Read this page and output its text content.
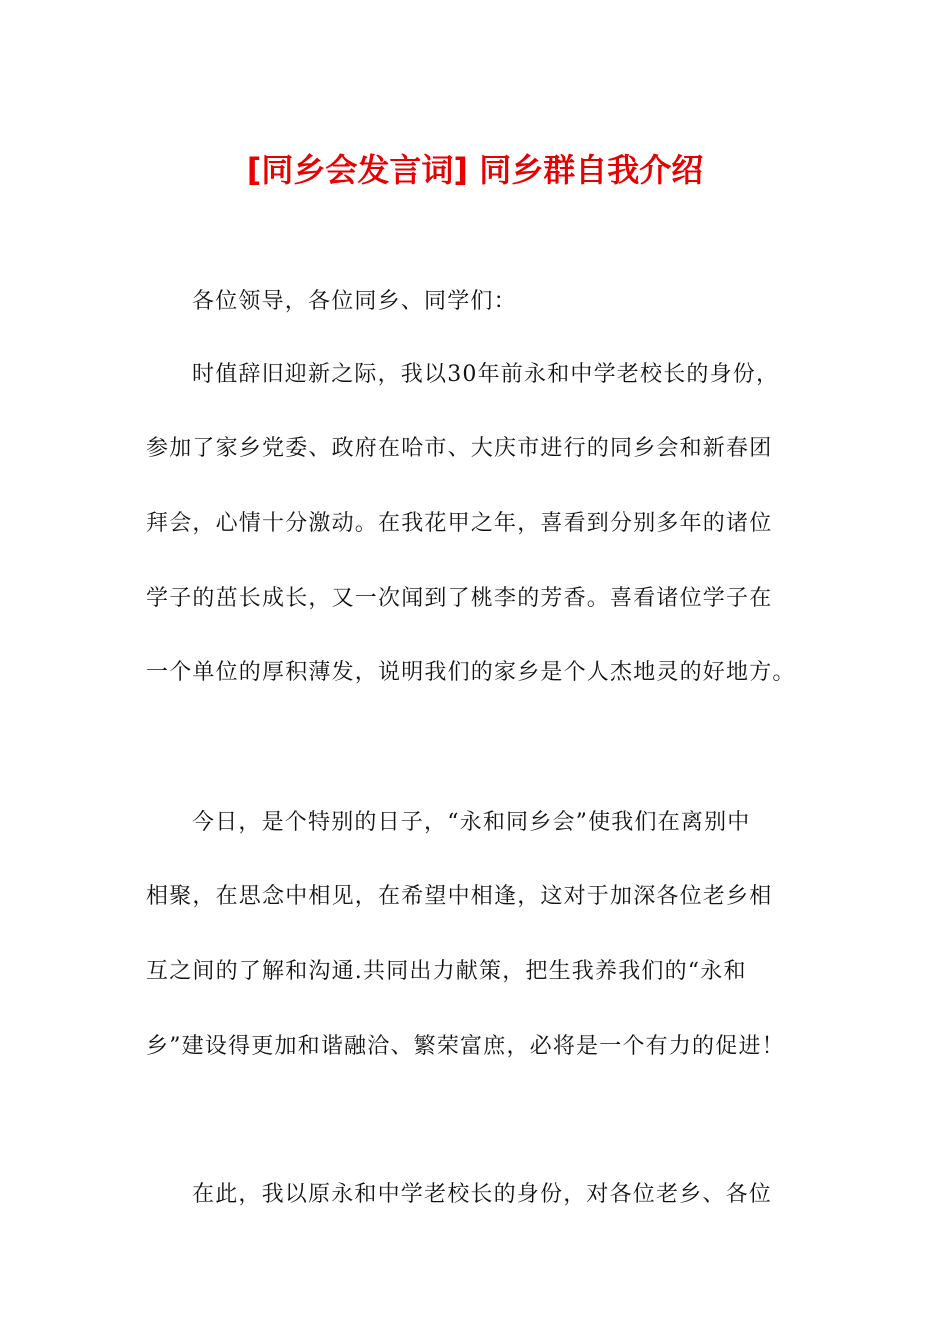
[同乡会发言词] 同乡群自我介绍

各位领导，各位同乡、同学们：

时值辞旧迎新之际，我以30年前永和中学老校长的身份，

参加了家乡党委、政府在哈市、大庆市进行的同乡会和新春团

拜会，心情十分激动。在我花甲之年，喜看到分别多年的诸位

学子的茁长成长，又一次闻到了桃李的芳香。喜看诸位学子在

一个单位的厚积薄发，说明我们的家乡是个人杰地灵的好地方。

今日，是个特别的日子，“永和同乡会”使我们在离别中

相聚，在思念中相见，在希望中相逢，这对于加深各位老乡相

互之间的了解和沟通.共同出力献策，把生我养我们的“永和

乡”建设得更加和谐融洽、繁荣富庶，必将是一个有力的促进！

在此，我以原永和中学老校长的身份，对各位老乡、各位
